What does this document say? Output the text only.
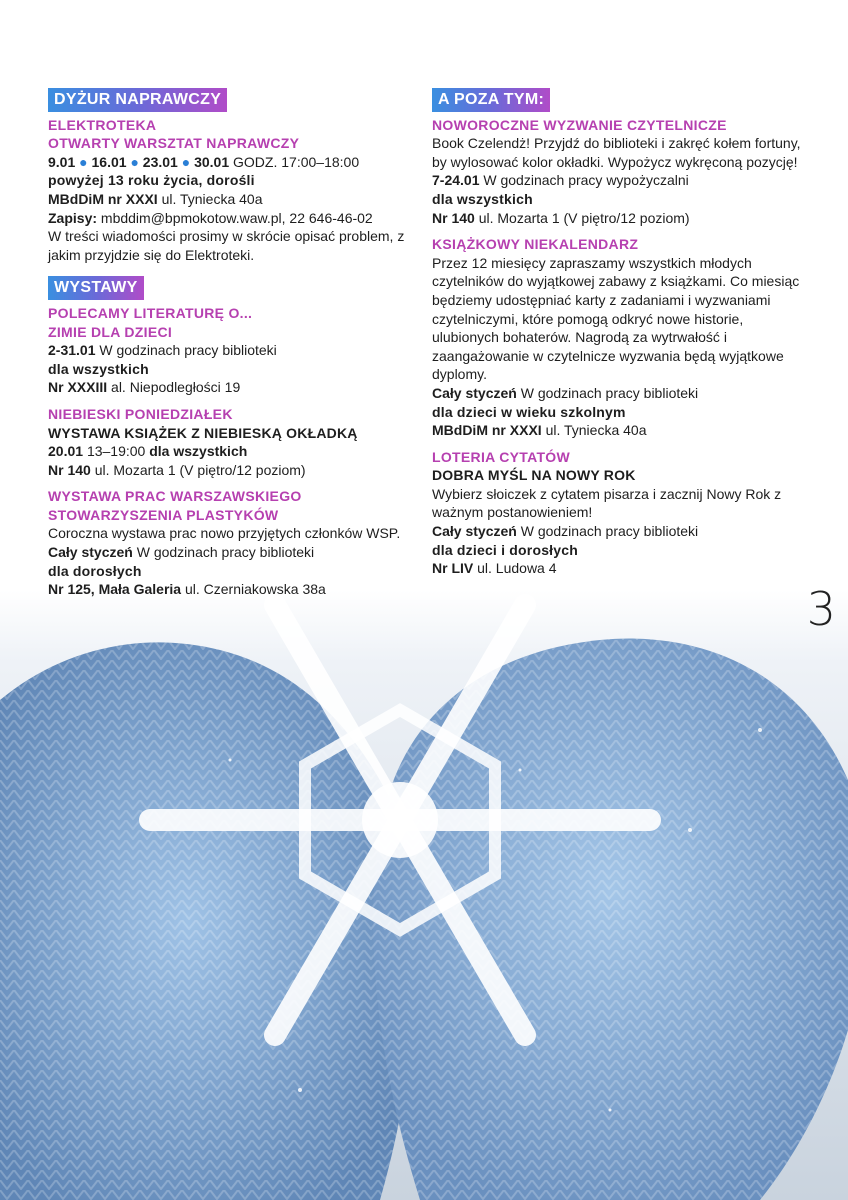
DYŻUR NAPRAWCZY
ELEKTROTEKA
OTWARTY WARSZTAT NAPRAWCZY

9.01 ● 16.01 ● 23.01 ● 30.01 GODZ. 17:00–18:00

powyżej 13 roku życia, dorośli

MBdDiM nr XXXI ul. Tyniecka 40a

Zapisy: mbddim@bpmokotow.waw.pl, 22 646-46-02

W treści wiadomości prosimy w skrócie opisać problem, z jakim przyjdzie się do Elektroteki.

WYSTAWY
POLECAMY LITERATURĘ O...
ZIMIE DLA DZIECI

2-31.01 W godzinach pracy biblioteki

dla wszystkich

Nr XXXIII al. Niepodległości 19

NIEBIESKI PONIEDZIAŁEK

WYSTAWA KSIĄŻEK Z NIEBIESKĄ OKŁADKĄ

20.01 13–19:00 dla wszystkich

Nr 140 ul. Mozarta 1 (V piętro/12 poziom)

WYSTAWA PRAC WARSZAWSKIEGO
STOWARZYSZENIA PLASTYKÓW

Coroczna wystawa prac nowo przyjętych członków WSP.

Cały styczeń W godzinach pracy biblioteki

dla dorosłych

Nr 125, Mała Galeria ul. Czerniakowska 38a

A POZA TYM:
NOWOROCZNE WYZWANIE CZYTELNICZE

Book Czelendż! Przyjdź do biblioteki i zakręć kołem fortuny, by wylosować kolor okładki. Wypożycz wykręconą pozycję!

7-24.01 W godzinach pracy wypożyczalni

dla wszystkich

Nr 140 ul. Mozarta 1 (V piętro/12 poziom)

KSIĄŻKOWY NIEKALENDARZ

Przez 12 miesięcy zapraszamy wszystkich młodych czytelników do wyjątkowej zabawy z książkami. Co miesiąc będziemy udostępniać karty z zadaniami i wyzwaniami czytelniczymi, które pomogą odkryć nowe historie, ulubionych bohaterów. Nagrodą za wytrwałość i zaangażowanie w czytelnicze wyzwania będą wyjątkowe dyplomy.

Cały styczeń W godzinach pracy biblioteki

dla dzieci w wieku szkolnym

MBdDiM nr XXXI ul. Tyniecka 40a

LOTERIA CYTATÓW

DOBRA MYŚL NA NOWY ROK

Wybierz słoiczek z cytatem pisarza i zacznij Nowy Rok z ważnym postanowieniem!

Cały styczeń W godzinach pracy biblioteki

dla dzieci i dorosłych

Nr LIV ul. Ludowa 4

3
